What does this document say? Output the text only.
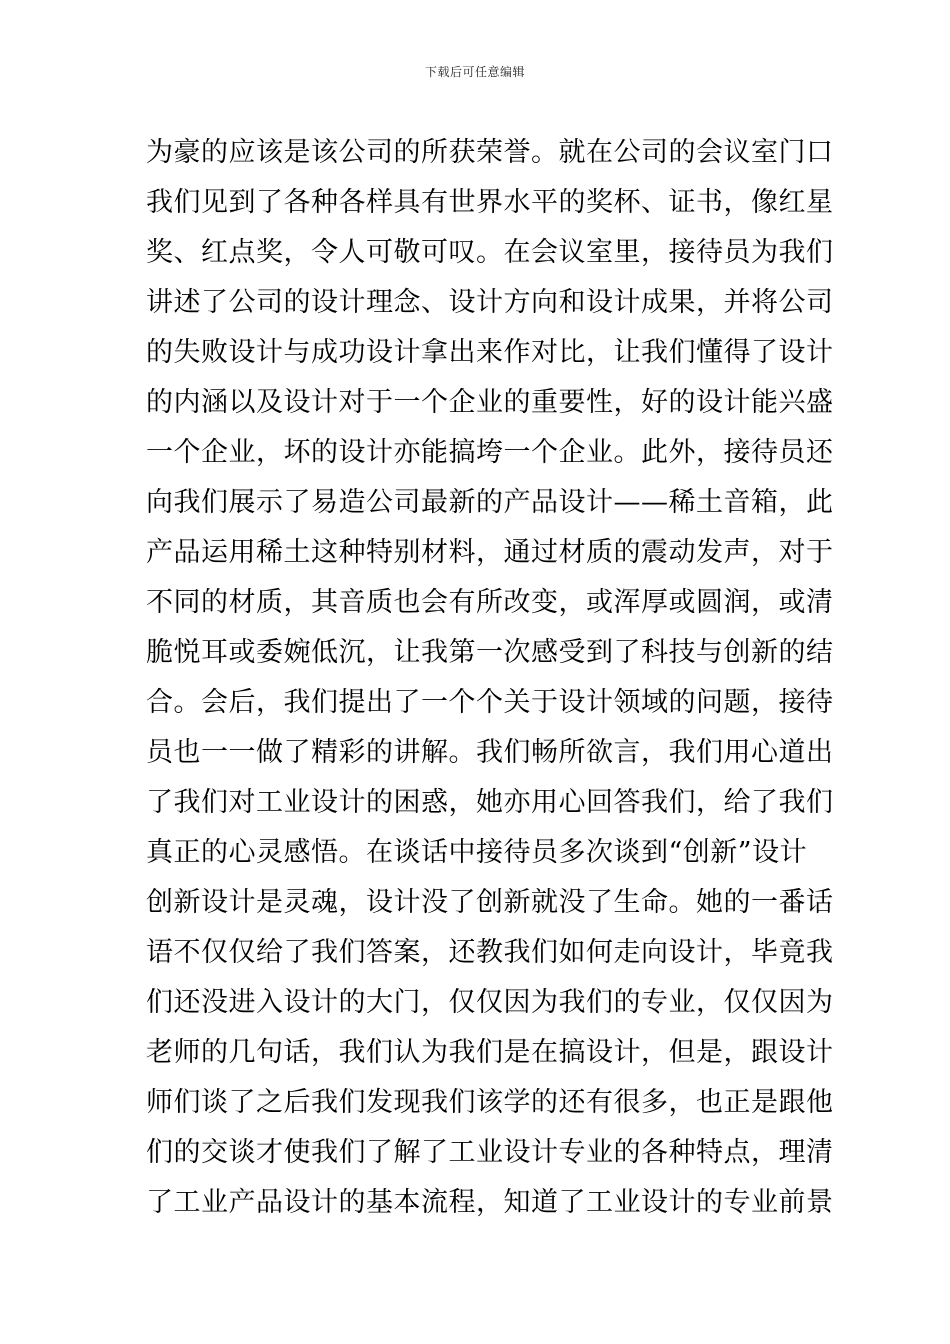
下载后可任意编辑
为豪的应该是该公司的所获荣誉。就在公司的会议室门口
我们见到了各种各样具有世界水平的奖杯、证书，像红星
奖、红点奖，令人可敬可叹。在会议室里，接待员为我们
讲述了公司的设计理念、设计方向和设计成果，并将公司
的失败设计与成功设计拿出来作对比，让我们懂得了设计
的内涵以及设计对于一个企业的重要性，好的设计能兴盛
一个企业，坏的设计亦能搞垮一个企业。此外，接待员还
向我们展示了易造公司最新的产品设计——稀土音箱，此
产品运用稀土这种特别材料，通过材质的震动发声，对于
不同的材质，其音质也会有所改变，或浑厚或圆润，或清
脆悦耳或委婉低沉，让我第一次感受到了科技与创新的结
合。会后，我们提出了一个个关于设计领域的问题，接待
员也一一做了精彩的讲解。我们畅所欲言，我们用心道出
了我们对工业设计的困惑，她亦用心回答我们，给了我们
真正的心灵感悟。在谈话中接待员多次谈到“创新”设计
创新设计是灵魂，设计没了创新就没了生命。她的一番话
语不仅仅给了我们答案，还教我们如何走向设计，毕竟我
们还没进入设计的大门，仅仅因为我们的专业，仅仅因为
老师的几句话，我们认为我们是在搞设计，但是，跟设计
师们谈了之后我们发现我们该学的还有很多，也正是跟他
们的交谈才使我们了解了工业设计专业的各种特点，理清
了工业产品设计的基本流程，知道了工业设计的专业前景
